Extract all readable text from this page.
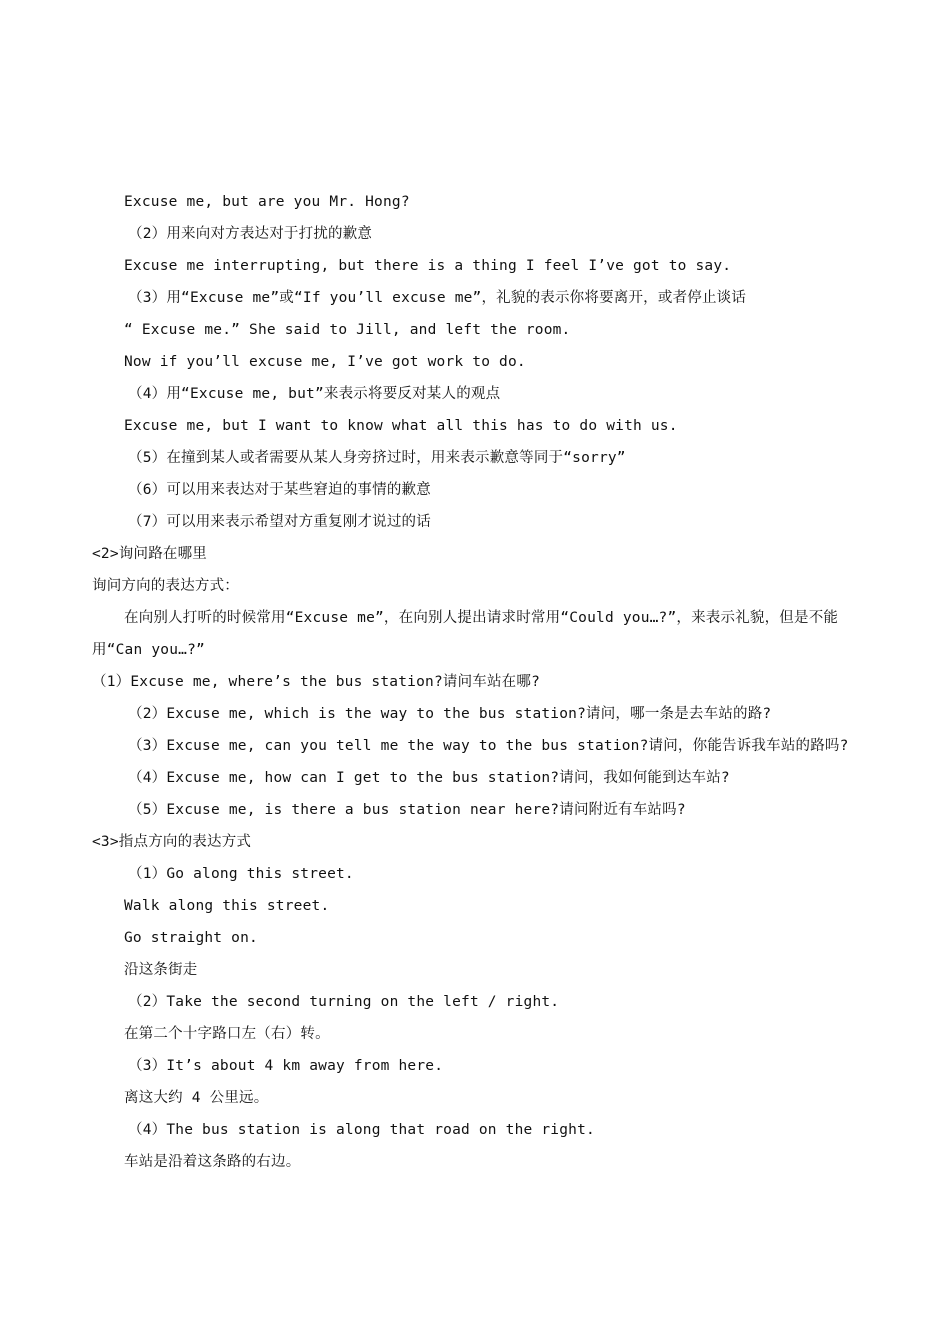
Excuse me, but are you Mr. Hong?
（2）用来向对方表达对于打扰的歉意
Excuse me interrupting, but there is a thing I feel I’ve got to say.
（3）用“Excuse me”或“If you’ll excuse me”，礼貌的表示你将要离开，或者停止谈话
“ Excuse me.” She said to Jill, and left the room.
Now if you’ll excuse me, I’ve got work to do.
（4）用“Excuse me, but”来表示将要反对某人的观点
Excuse me, but I want to know what all this has to do with us.
（5）在撞到某人或者需要从某人身旁挤过时，用来表示歉意等同于“sorry”
（6）可以用来表达对于某些窘迫的事情的歉意
（7）可以用来表示希望对方重复刚才说过的话
<2>询问路在哪里
询问方向的表达方式：
在向别人打听的时候常用“Excuse me”，在向别人提出请求时常用“Could you…?”，来表示礼貌，但是不能用“Can you…?”
（1）Excuse me, where’s the bus station?请问车站在哪?
（2）Excuse me, which is the way to the bus station?请问，哪一条是去车站的路?
（3）Excuse me, can you tell me the way to the bus station?请问，你能告诉我车站的路吗?
（4）Excuse me, how can I get to the bus station?请问，我如何能到达车站?
（5）Excuse me, is there a bus station near here?请问附近有车站吗?
<3>指点方向的表达方式
（1）Go along this street.
Walk along this street.
Go straight on.
沿这条街走
（2）Take the second turning on the left / right.
在第二个十字路口左（右）转。
（3）It’s about 4 km away from here.
离这大约 4 公里远。
（4）The bus station is along that road on the right.
车站是沿着这条路的右边。
